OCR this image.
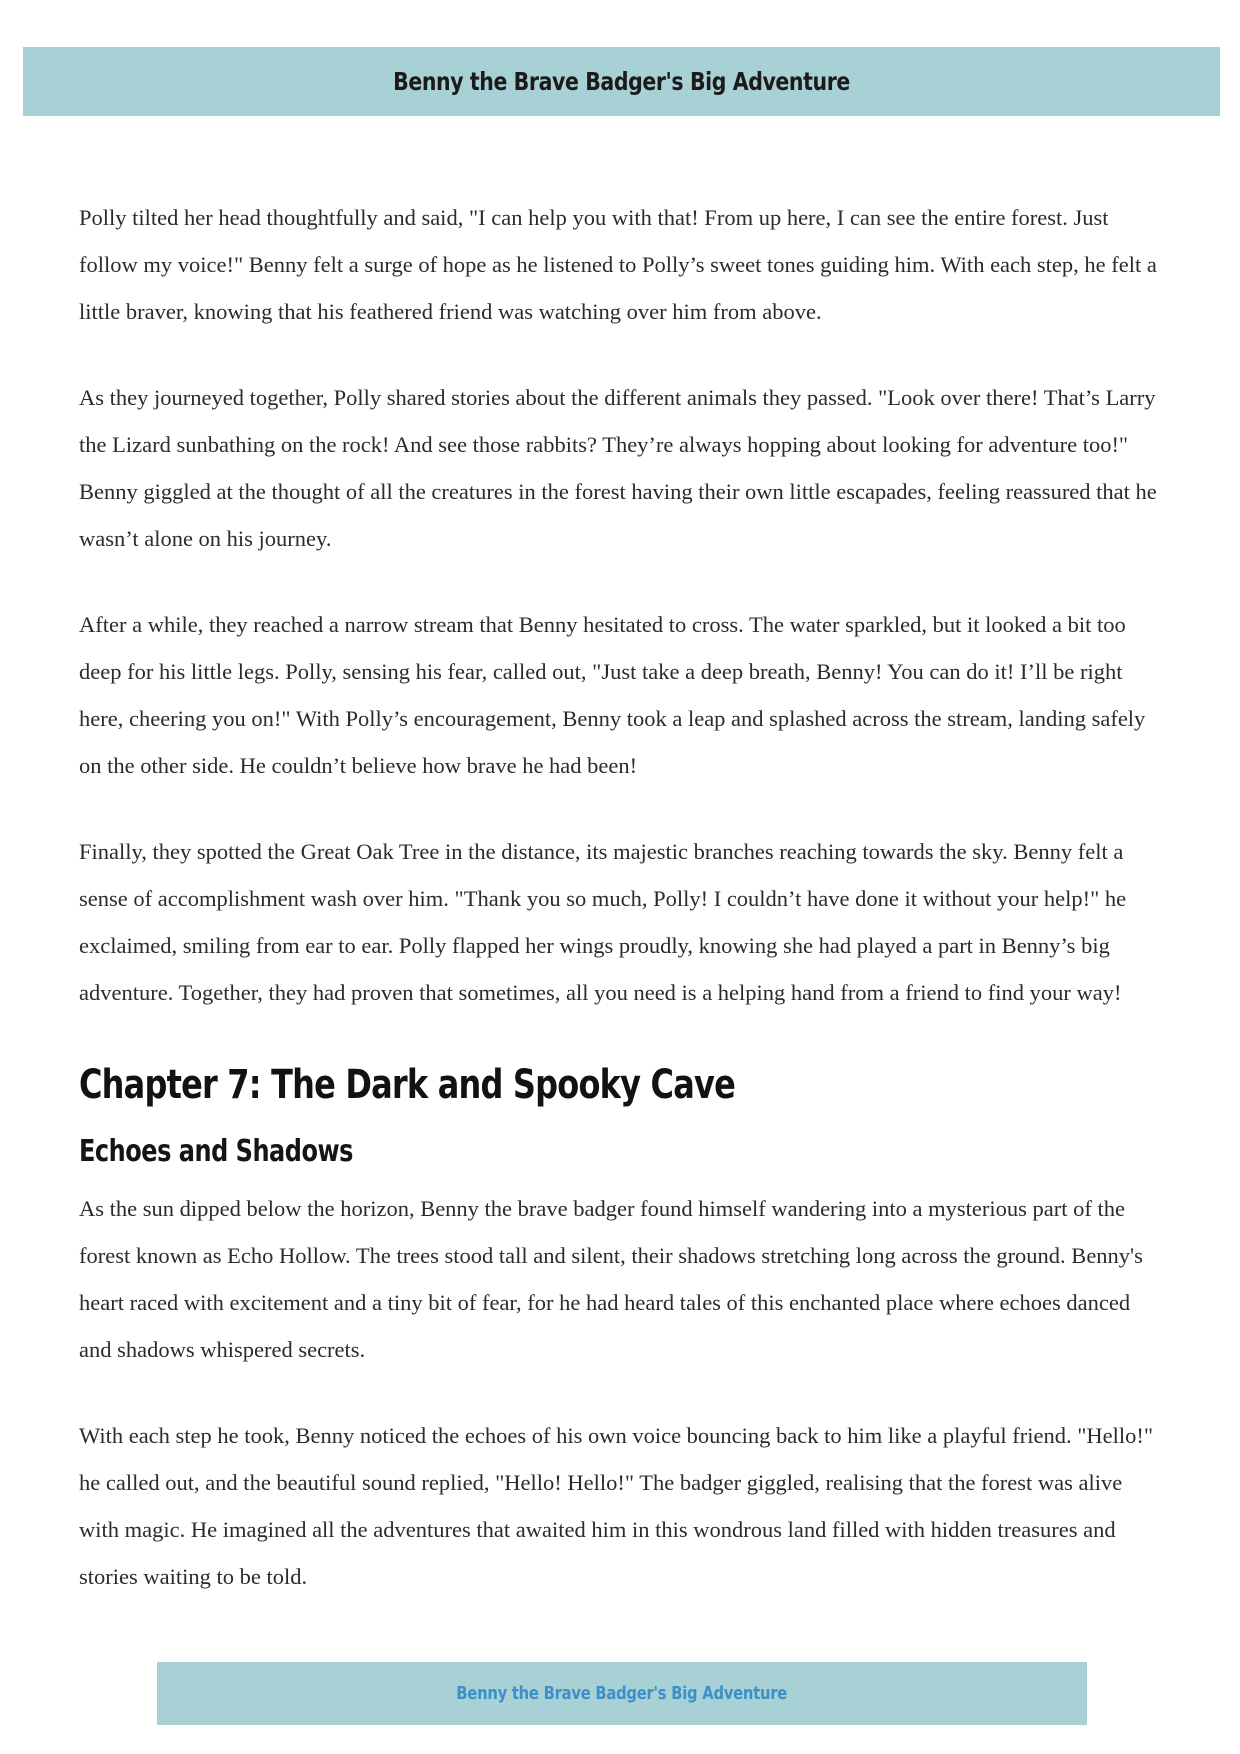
Benny the Brave Badger's Big Adventure

Polly tilted her head thoughtfully and said, "I can help you with that! From up here, I can see the entire forest. Just follow my voice!" Benny felt a surge of hope as he listened to Polly’s sweet tones guiding him. With each step, he felt a little braver, knowing that his feathered friend was watching over him from above.

As they journeyed together, Polly shared stories about the different animals they passed. "Look over there! That’s Larry the Lizard sunbathing on the rock! And see those rabbits? They’re always hopping about looking for adventure too!" Benny giggled at the thought of all the creatures in the forest having their own little escapades, feeling reassured that he wasn’t alone on his journey.

After a while, they reached a narrow stream that Benny hesitated to cross. The water sparkled, but it looked a bit too deep for his little legs. Polly, sensing his fear, called out, "Just take a deep breath, Benny! You can do it! I’ll be right here, cheering you on!" With Polly’s encouragement, Benny took a leap and splashed across the stream, landing safely on the other side. He couldn’t believe how brave he had been!

Finally, they spotted the Great Oak Tree in the distance, its majestic branches reaching towards the sky. Benny felt a sense of accomplishment wash over him. "Thank you so much, Polly! I couldn’t have done it without your help!" he exclaimed, smiling from ear to ear. Polly flapped her wings proudly, knowing she had played a part in Benny’s big adventure. Together, they had proven that sometimes, all you need is a helping hand from a friend to find your way!

Chapter 7: The Dark and Spooky Cave
Echoes and Shadows

As the sun dipped below the horizon, Benny the brave badger found himself wandering into a mysterious part of the forest known as Echo Hollow. The trees stood tall and silent, their shadows stretching long across the ground. Benny's heart raced with excitement and a tiny bit of fear, for he had heard tales of this enchanted place where echoes danced and shadows whispered secrets.

With each step he took, Benny noticed the echoes of his own voice bouncing back to him like a playful friend. "Hello!" he called out, and the beautiful sound replied, "Hello! Hello!" The badger giggled, realising that the forest was alive with magic. He imagined all the adventures that awaited him in this wondrous land filled with hidden treasures and stories waiting to be told.

Benny the Brave Badger's Big Adventure
